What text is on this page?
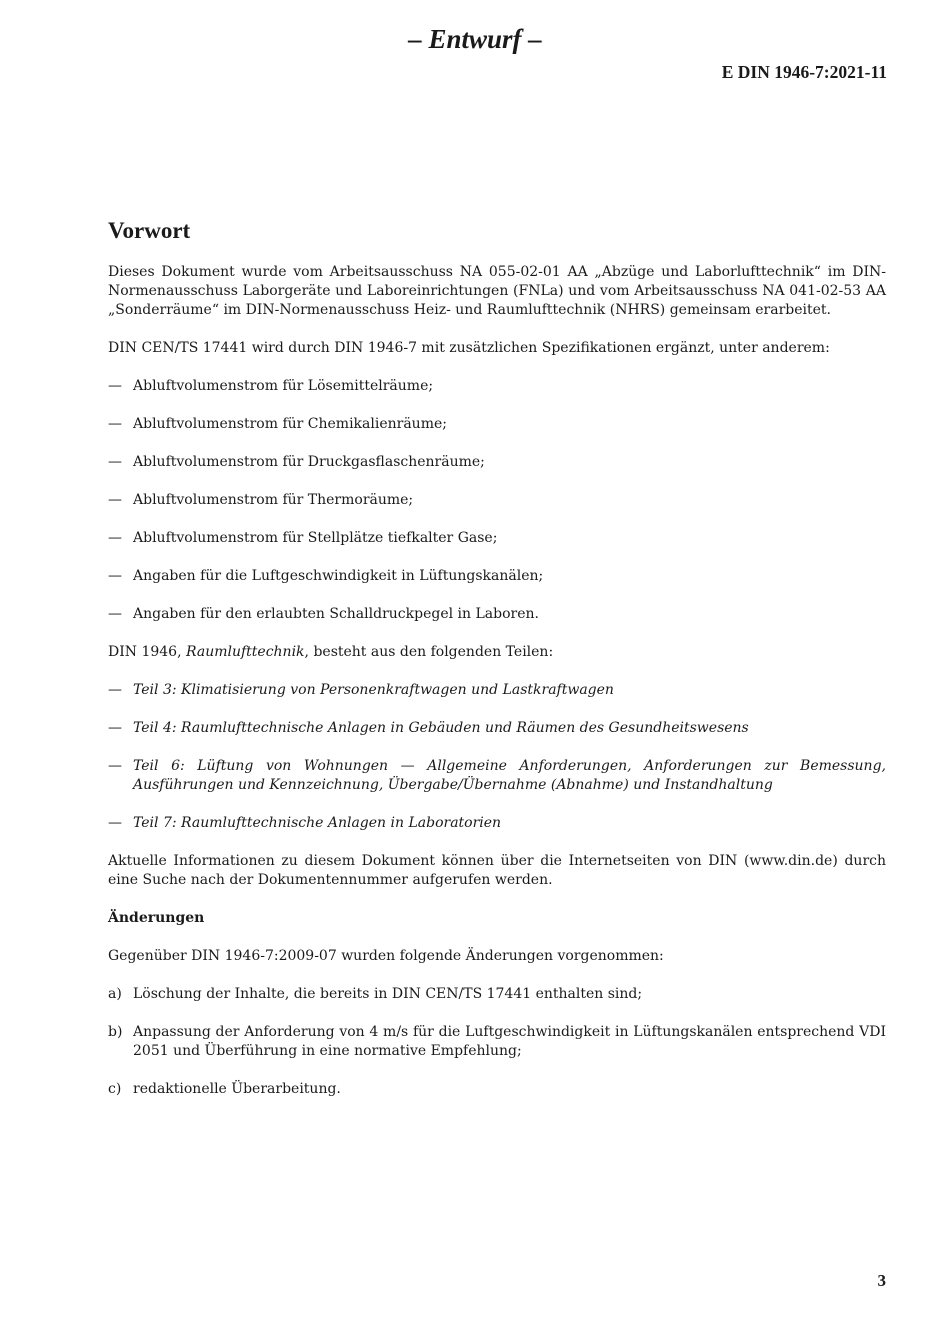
– Entwurf –
E DIN 1946-7:2021-11
Vorwort

Dieses Dokument wurde vom Arbeitsausschuss NA 055-02-01 AA „Abzüge und Laborlufttechnik“ im DIN-Normenausschuss Laborgeräte und Laboreinrichtungen (FNLa) und vom Arbeitsausschuss NA 041-02-53 AA „Sonderräume“ im DIN-Normenausschuss Heiz- und Raumlufttechnik (NHRS) gemeinsam erarbeitet.

DIN CEN/TS 17441 wird durch DIN 1946-7 mit zusätzlichen Spezifikationen ergänzt, unter anderem:

— Abluftvolumenstrom für Lösemittelräume;
— Abluftvolumenstrom für Chemikalienräume;
— Abluftvolumenstrom für Druckgasflaschenräume;
— Abluftvolumenstrom für Thermoräume;
— Abluftvolumenstrom für Stellplätze tiefkalter Gase;
— Angaben für die Luftgeschwindigkeit in Lüftungskanälen;
— Angaben für den erlaubten Schalldruckpegel in Laboren.

DIN 1946, Raumlufttechnik, besteht aus den folgenden Teilen:

— Teil 3: Klimatisierung von Personenkraftwagen und Lastkraftwagen
— Teil 4: Raumlufttechnische Anlagen in Gebäuden und Räumen des Gesundheitswesens
— Teil 6: Lüftung von Wohnungen — Allgemeine Anforderungen, Anforderungen zur Bemessung, Ausführungen und Kennzeichnung, Übergabe/Übernahme (Abnahme) und Instandhaltung
— Teil 7: Raumlufttechnische Anlagen in Laboratorien

Aktuelle Informationen zu diesem Dokument können über die Internetseiten von DIN (www.din.de) durch eine Suche nach der Dokumentennummer aufgerufen werden.

Änderungen

Gegenüber DIN 1946-7:2009-07 wurden folgende Änderungen vorgenommen:

a) Löschung der Inhalte, die bereits in DIN CEN/TS 17441 enthalten sind;
b) Anpassung der Anforderung von 4 m/s für die Luftgeschwindigkeit in Lüftungskanälen entsprechend VDI 2051 und Überführung in eine normative Empfehlung;
c) redaktionelle Überarbeitung.
3
